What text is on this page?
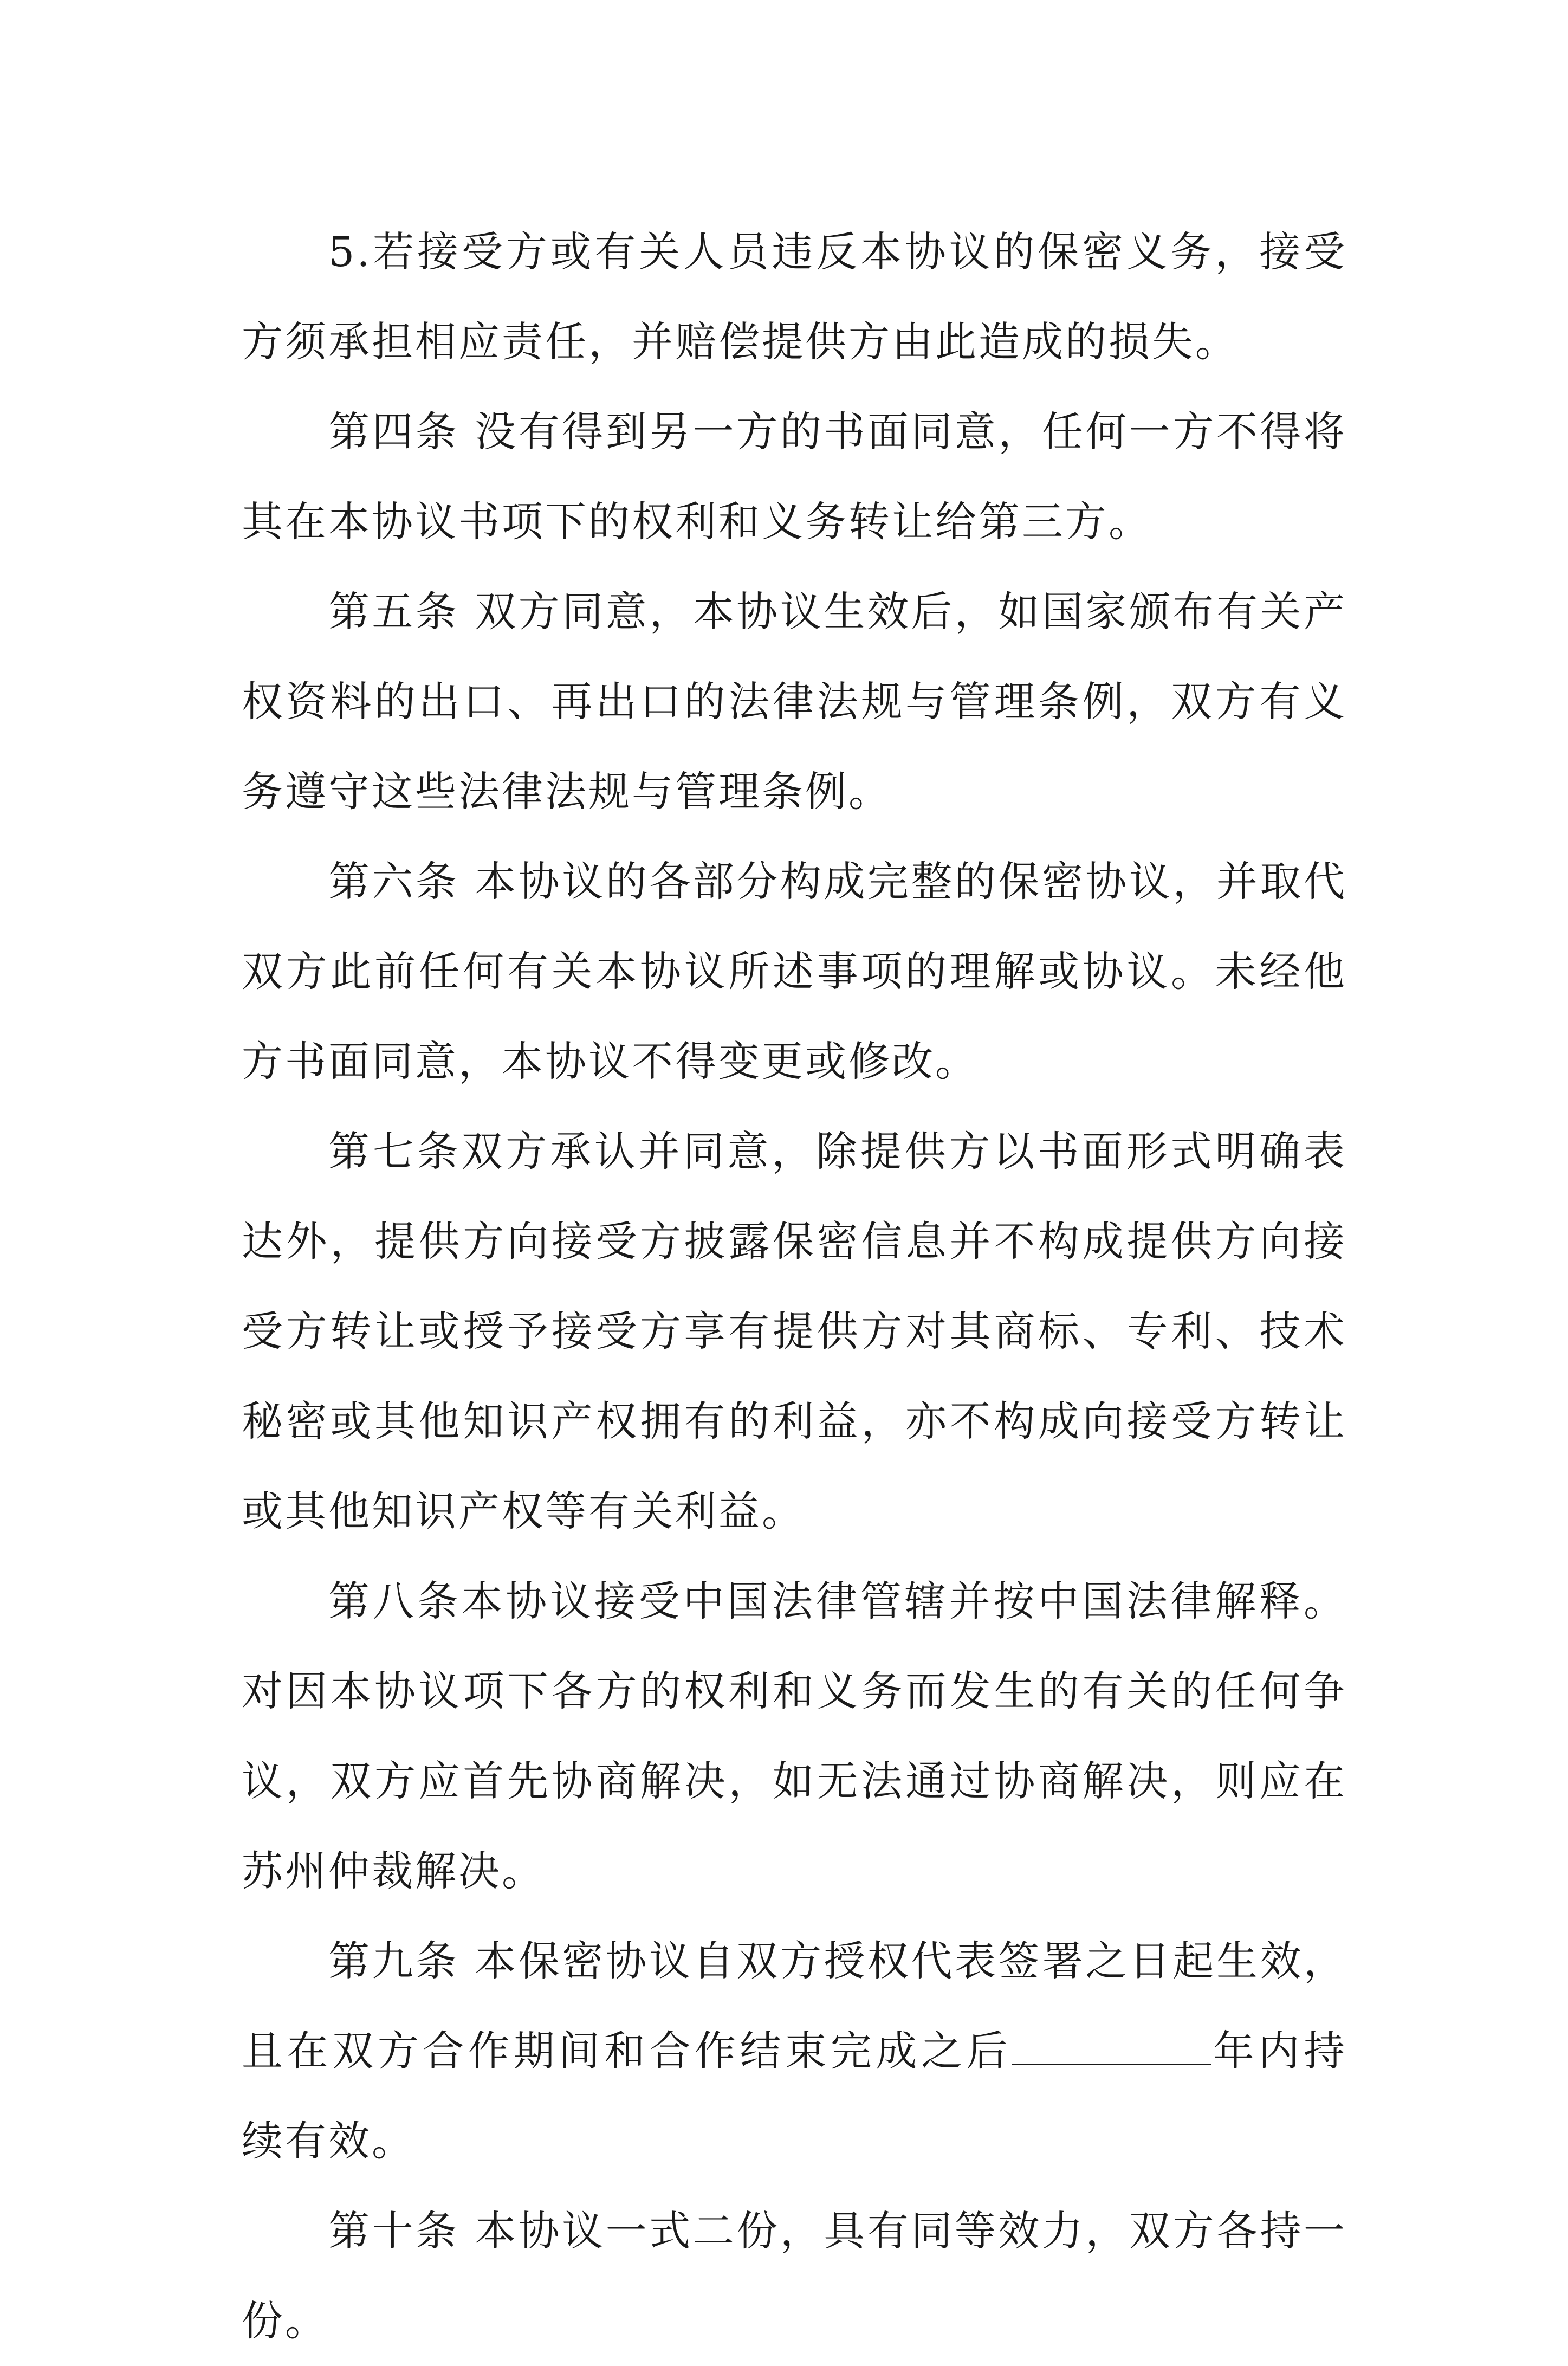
5.若接受方或有关人员违反本协议的保密义务，接受方须承担相应责任，并赔偿提供方由此造成的损失。

第四条 没有得到另一方的书面同意，任何一方不得将其在本协议书项下的权利和义务转让给第三方。

第五条 双方同意，本协议生效后，如国家颁布有关产权资料的出口、再出口的法律法规与管理条例，双方有义务遵守这些法律法规与管理条例。

第六条 本协议的各部分构成完整的保密协议，并取代双方此前任何有关本协议所述事项的理解或协议。未经他方书面同意，本协议不得变更或修改。

第七条双方承认并同意，除提供方以书面形式明确表达外，提供方向接受方披露保密信息并不构成提供方向接受方转让或授予接受方享有提供方对其商标、专利、技术秘密或其他知识产权拥有的利益，亦不构成向接受方转让或其他知识产权等有关利益。

第八条本协议接受中国法律管辖并按中国法律解释。对因本协议项下各方的权利和义务而发生的有关的任何争议，双方应首先协商解决，如无法通过协商解决，则应在苏州仲裁解决。

第九条 本保密协议自双方授权代表签署之日起生效，且在双方合作期间和合作结束完成之后	年内持续有效。

第十条 本协议一式二份，具有同等效力，双方各持一份。
